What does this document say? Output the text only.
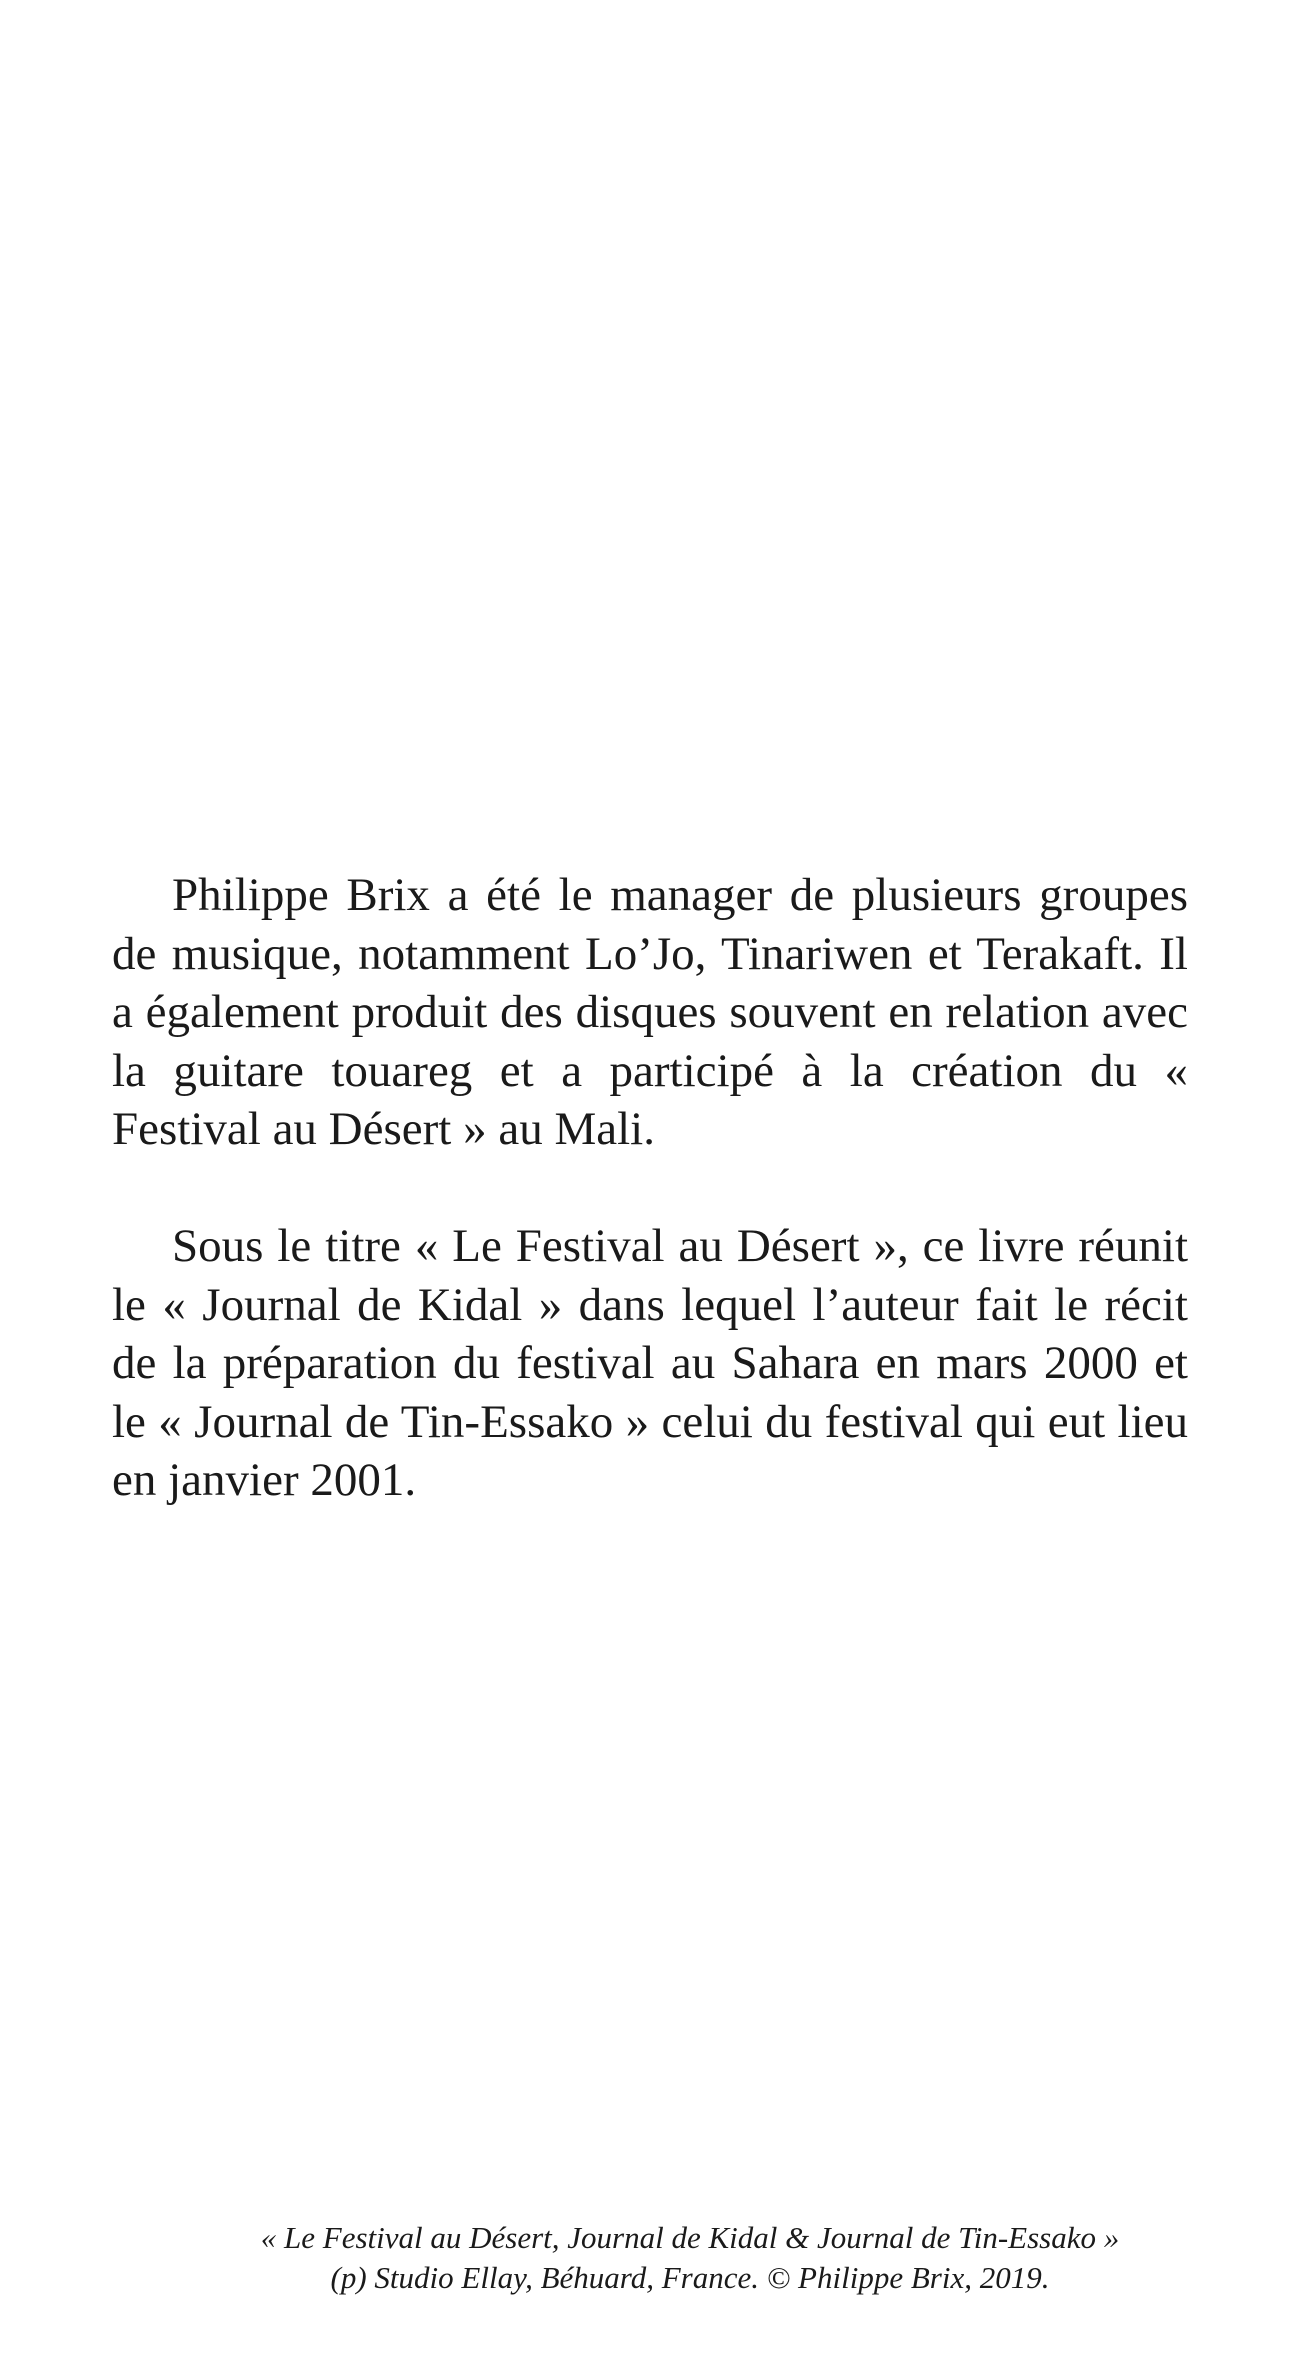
Philippe Brix a été le manager de plusieurs groupes de musique, notamment Lo’Jo, Tinariwen et Terakaft. Il a également produit des disques souvent en relation avec la guitare touareg et a participé à la création du « Festival au Désert » au Mali.

Sous le titre « Le Festival au Désert », ce livre réunit le « Journal de Kidal » dans lequel l’auteur fait le récit de la préparation du festival au Sahara en mars 2000 et le « Journal de Tin-Essako » celui du festival qui eut lieu en janvier 2001.

« Le Festival au Désert, Journal de Kidal & Journal de Tin-Essako »
(p) Studio Ellay, Béhuard, France. © Philippe Brix, 2019.
